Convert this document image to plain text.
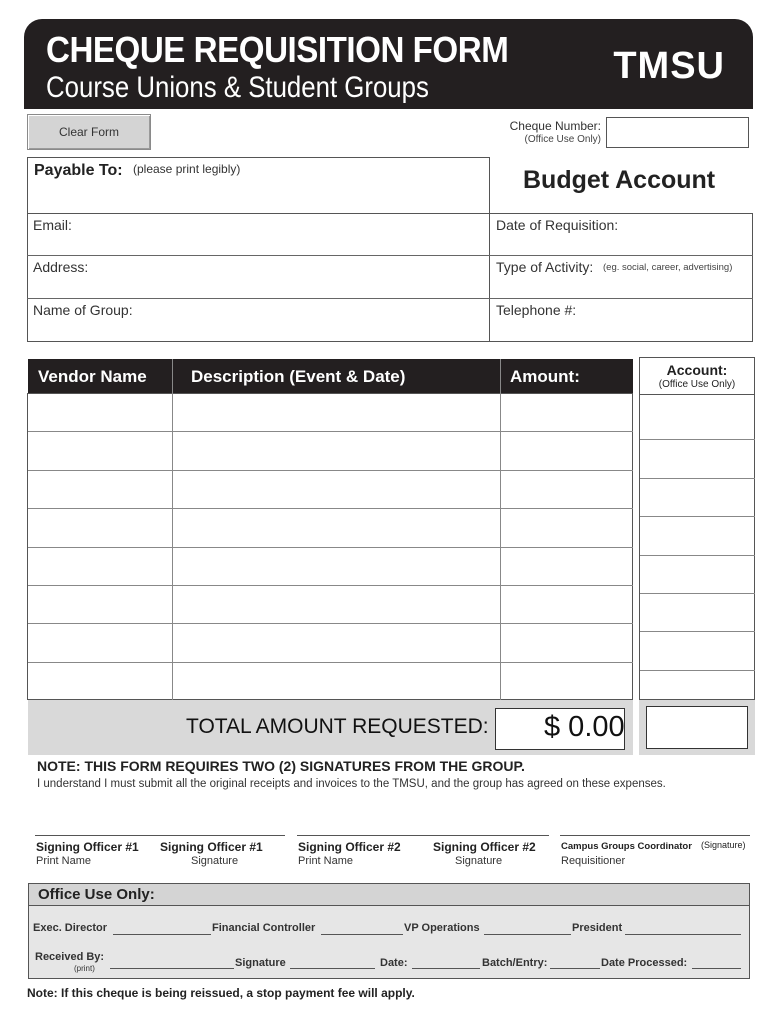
CHEQUE REQUISITION FORM
Course Unions & Student Groups
TMSU
Clear Form	Cheque Number:
(Office Use Only)
Payable To: (please print legibly)	Budget Account
Email:	Date of Requisition:
Address:	Type of Activity: (eg. social, career, advertising)
Name of Group:	Telephone #:
Vendor Name	Description (Event & Date)	Amount:	Account:
(Office Use Only)
TOTAL AMOUNT REQUESTED: $ 0.00
NOTE: THIS FORM REQUIRES TWO (2) SIGNATURES FROM THE GROUP.
I understand I must submit all the original receipts and invoices to the TMSU, and the group has agreed on these expenses.
Signing Officer #1
Print Name
Signing Officer #1
Signature
Signing Officer #2
Print Name
Signing Officer #2
Signature
Campus Groups Coordinator (Signature)
Requisitioner
Office Use Only:
Exec. Director	Financial Controller	VP Operations	President
Received By:
(print)	Signature	Date:	Batch/Entry:	Date Processed:
Note: If this cheque is being reissued, a stop payment fee will apply.
